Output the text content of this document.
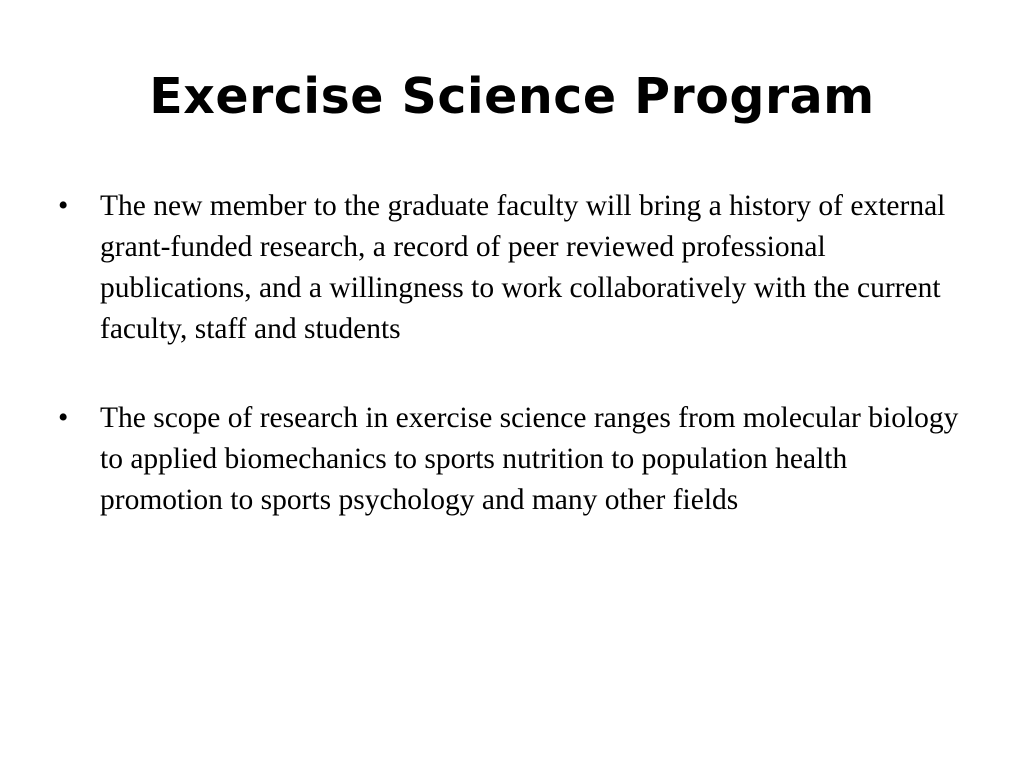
Exercise Science Program
•	The new member to the graduate faculty will bring a history of external grant-funded research, a record of peer reviewed professional publications, and a willingness to work collaboratively with the current faculty, staff and students
•	The scope of research in exercise science ranges from molecular biology to applied biomechanics to sports nutrition to population health promotion to sports psychology and many other fields
